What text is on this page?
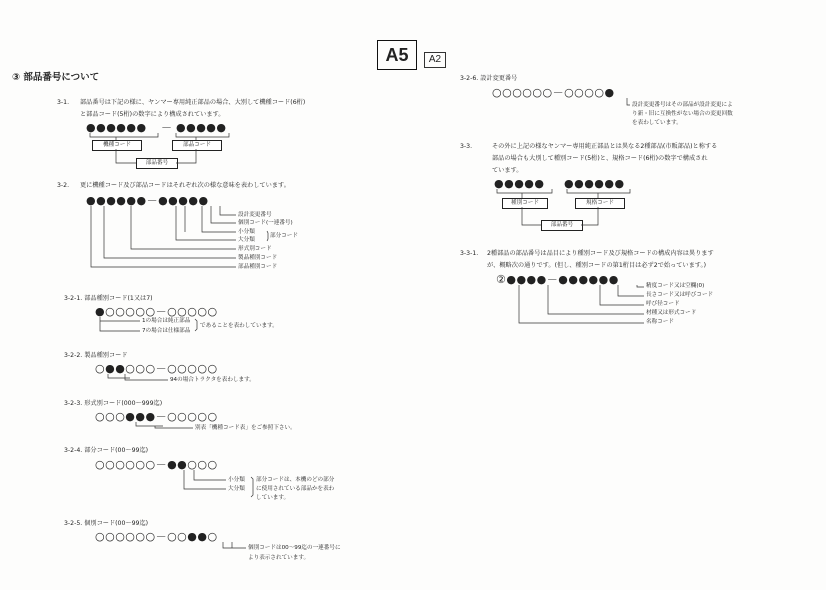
A5	A2
③ 部品番号について
3-1. 部品番号は下記の様に、ヤンマー専用純正部品の場合、大別して機種コード(6桁)
と部品コード(5桁)の数字により構成されています。
●●●●●● － ●●●●●
機種コード	部品コード
部品番号
3-2. 更に機種コード及び部品コードはそれぞれ次の様な意味を表わしています。
●●●●●●－●●●●●
設計変更番号
個別コード(一連番号)
小分類
大分類
部分コード
形式別コード
製品種別コード
部品種別コード
3-2-1. 部品種別コード(1又は7)
●○○○○○－○○○○○
1の場合は純正部品
7の場合は仕様部品
であることを表わしています。
3-2-2. 製品種別コード
○●●○○○－○○○○○
94の場合トラクタを表わします。
3-2-3. 形式別コード(000～999迄)
○○○●●●－○○○○○
別表「機種コード表」をご参照下さい。
3-2-4. 部分コード(00～99迄)
○○○○○○－●●○○○
小分類
大分類
部分コードは、本機のどの部分
に使用されている部品かを表わ
しています。
3-2-5. 個別コード(00～99迄)
○○○○○○－○○●●○
個別コードは00～99迄の一連番号に
より表示されています。
3-2-6. 設計変更番号
○○○○○○－○○○○●
設計変更番号はその部品が設計変更によ
り新・旧に互換性がない場合の変更回数
を表わしています。
3-3.	その外に上記の様なヤンマー専用純正部品とは異なる2種部品(市販部品)と称する
部品の場合も大別して種別コード(5桁)と、規格コード(6桁)の数字で構成され
ています。
●●●●● ●●●●●●
種別コード	規格コード
部品番号
3-3-1. 2種部品の部品番号は品目により種別コード及び規格コードの構成内容は異ります
が、概略次の通りです。(但し、種別コードの第1桁目は必ず2で始っています。)
②●●●●－●●●●●●	精度コード又は空欄(0)
長さコード又は呼びコード
呼び径コード
材種又は形式コード
名称コード
